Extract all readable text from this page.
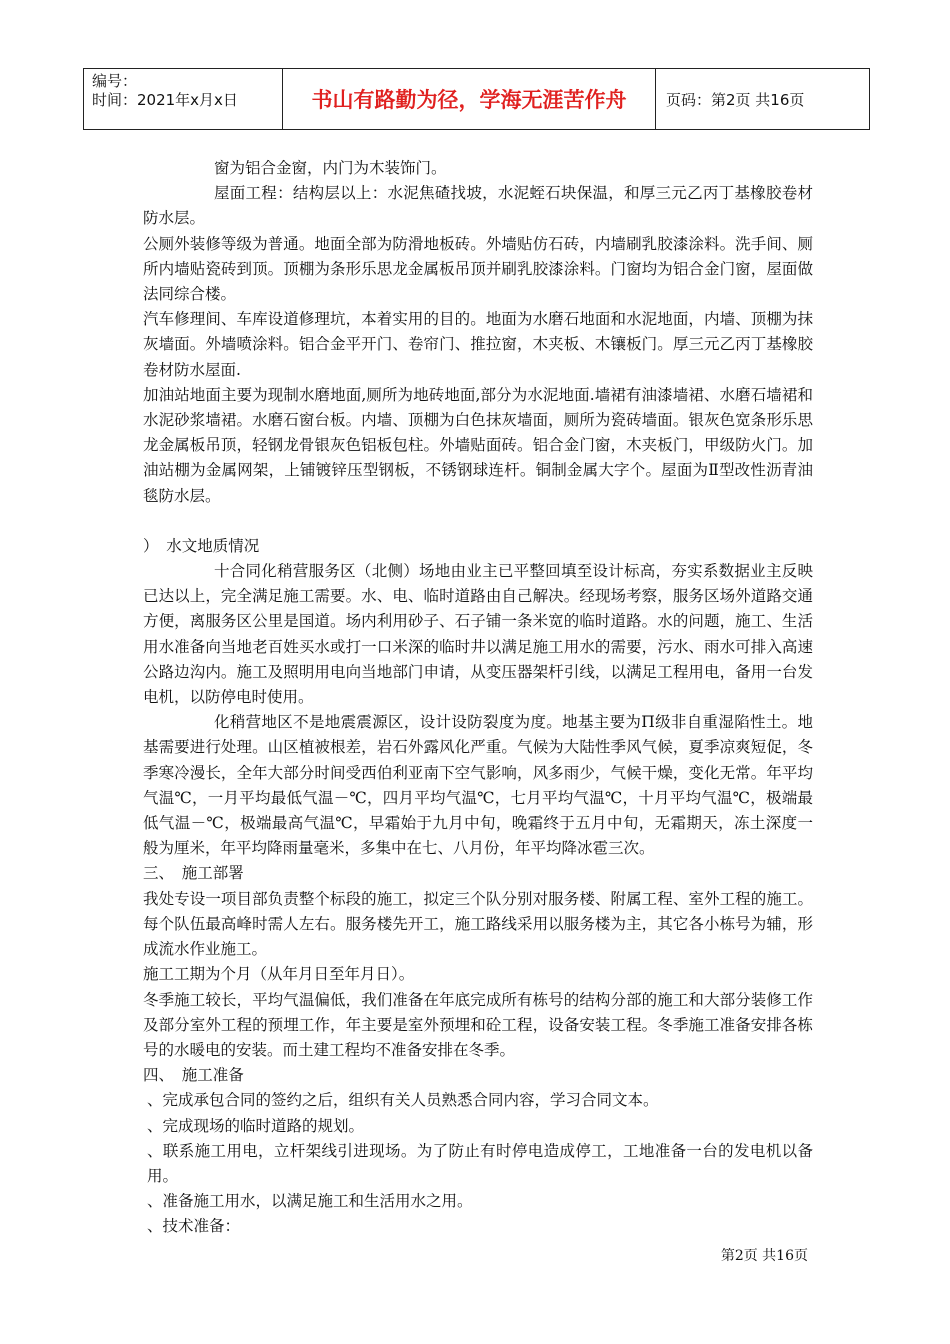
编号：
时间：2021年x月x日	书山有路勤为径，学海无涯苦作舟	页码：第2页 共16页

窗为铝合金窗，内门为木装饰门。

屋面工程：结构层以上：水泥焦碴找坡，水泥蛭石块保温，和厚三元乙丙丁基橡胶卷材防水层。

公厕外装修等级为普通。地面全部为防滑地板砖。外墙贴仿石砖，内墙刷乳胶漆涂料。洗手间、厕所内墙贴瓷砖到顶。顶棚为条形乐思龙金属板吊顶并刷乳胶漆涂料。门窗均为铝合金门窗，屋面做法同综合楼。

汽车修理间、车库设道修理坑，本着实用的目的。地面为水磨石地面和水泥地面，内墙、顶棚为抹灰墙面。外墙喷涂料。铝合金平开门、卷帘门、推拉窗，木夹板、木镶板门。厚三元乙丙丁基橡胶卷材防水屋面.

加油站地面主要为现制水磨地面,厕所为地砖地面,部分为水泥地面.墙裙有油漆墙裙、水磨石墙裙和水泥砂浆墙裙。水磨石窗台板。内墙、顶棚为白色抹灰墙面，厕所为瓷砖墙面。银灰色宽条形乐思龙金属板吊顶，轻钢龙骨银灰色铝板包柱。外墙贴面砖。铝合金门窗，木夹板门，甲级防火门。加油站棚为金属网架，上铺镀锌压型钢板，不锈钢球连杆。铜制金属大字个。屋面为Ⅱ型改性沥青油毯防水层。

）　水文地质情况

十合同化稍营服务区（北侧）场地由业主已平整回填至设计标高，夯实系数据业主反映已达以上，完全满足施工需要。水、电、临时道路由自己解决。经现场考察，服务区场外道路交通方便，离服务区公里是国道。场内利用砂子、石子铺一条米宽的临时道路。水的问题，施工、生活用水准备向当地老百姓买水或打一口米深的临时井以满足施工用水的需要，污水、雨水可排入高速公路边沟内。施工及照明用电向当地部门申请，从变压器架杆引线，以满足工程用电，备用一台发电机，以防停电时使用。

化稍营地区不是地震震源区，设计设防裂度为度。地基主要为Π级非自重湿陷性土。地基需要进行处理。山区植被根差，岩石外露风化严重。气候为大陆性季风气候，夏季凉爽短促，冬季寒冷漫长，全年大部分时间受西伯利亚南下空气影响，风多雨少，气候干燥，变化无常。年平均气温℃，一月平均最低气温－℃，四月平均气温℃，七月平均气温℃，十月平均气温℃，极端最低气温－℃，极端最高气温℃，早霜始于九月中旬，晚霜终于五月中旬，无霜期天，冻土深度一般为厘米，年平均降雨量毫米，多集中在七、八月份，年平均降冰雹三次。

三、　施工部署

我处专设一项目部负责整个标段的施工，拟定三个队分别对服务楼、附属工程、室外工程的施工。每个队伍最高峰时需人左右。服务楼先开工，施工路线采用以服务楼为主，其它各小栋号为辅，形成流水作业施工。

施工工期为个月（从年月日至年月日）。

冬季施工较长，平均气温偏低，我们准备在年底完成所有栋号的结构分部的施工和大部分装修工作及部分室外工程的预埋工作，年主要是室外预埋和砼工程，设备安装工程。冬季施工准备安排各栋号的水暖电的安装。而土建工程均不准备安排在冬季。

四、　施工准备

、完成承包合同的签约之后，组织有关人员熟悉合同内容，学习合同文本。

、完成现场的临时道路的规划。

、联系施工用电，立杆架线引进现场。为了防止有时停电造成停工，工地准备一台的发电机以备用。

、准备施工用水，以满足施工和生活用水之用。

、技术准备：

第2页 共16页
